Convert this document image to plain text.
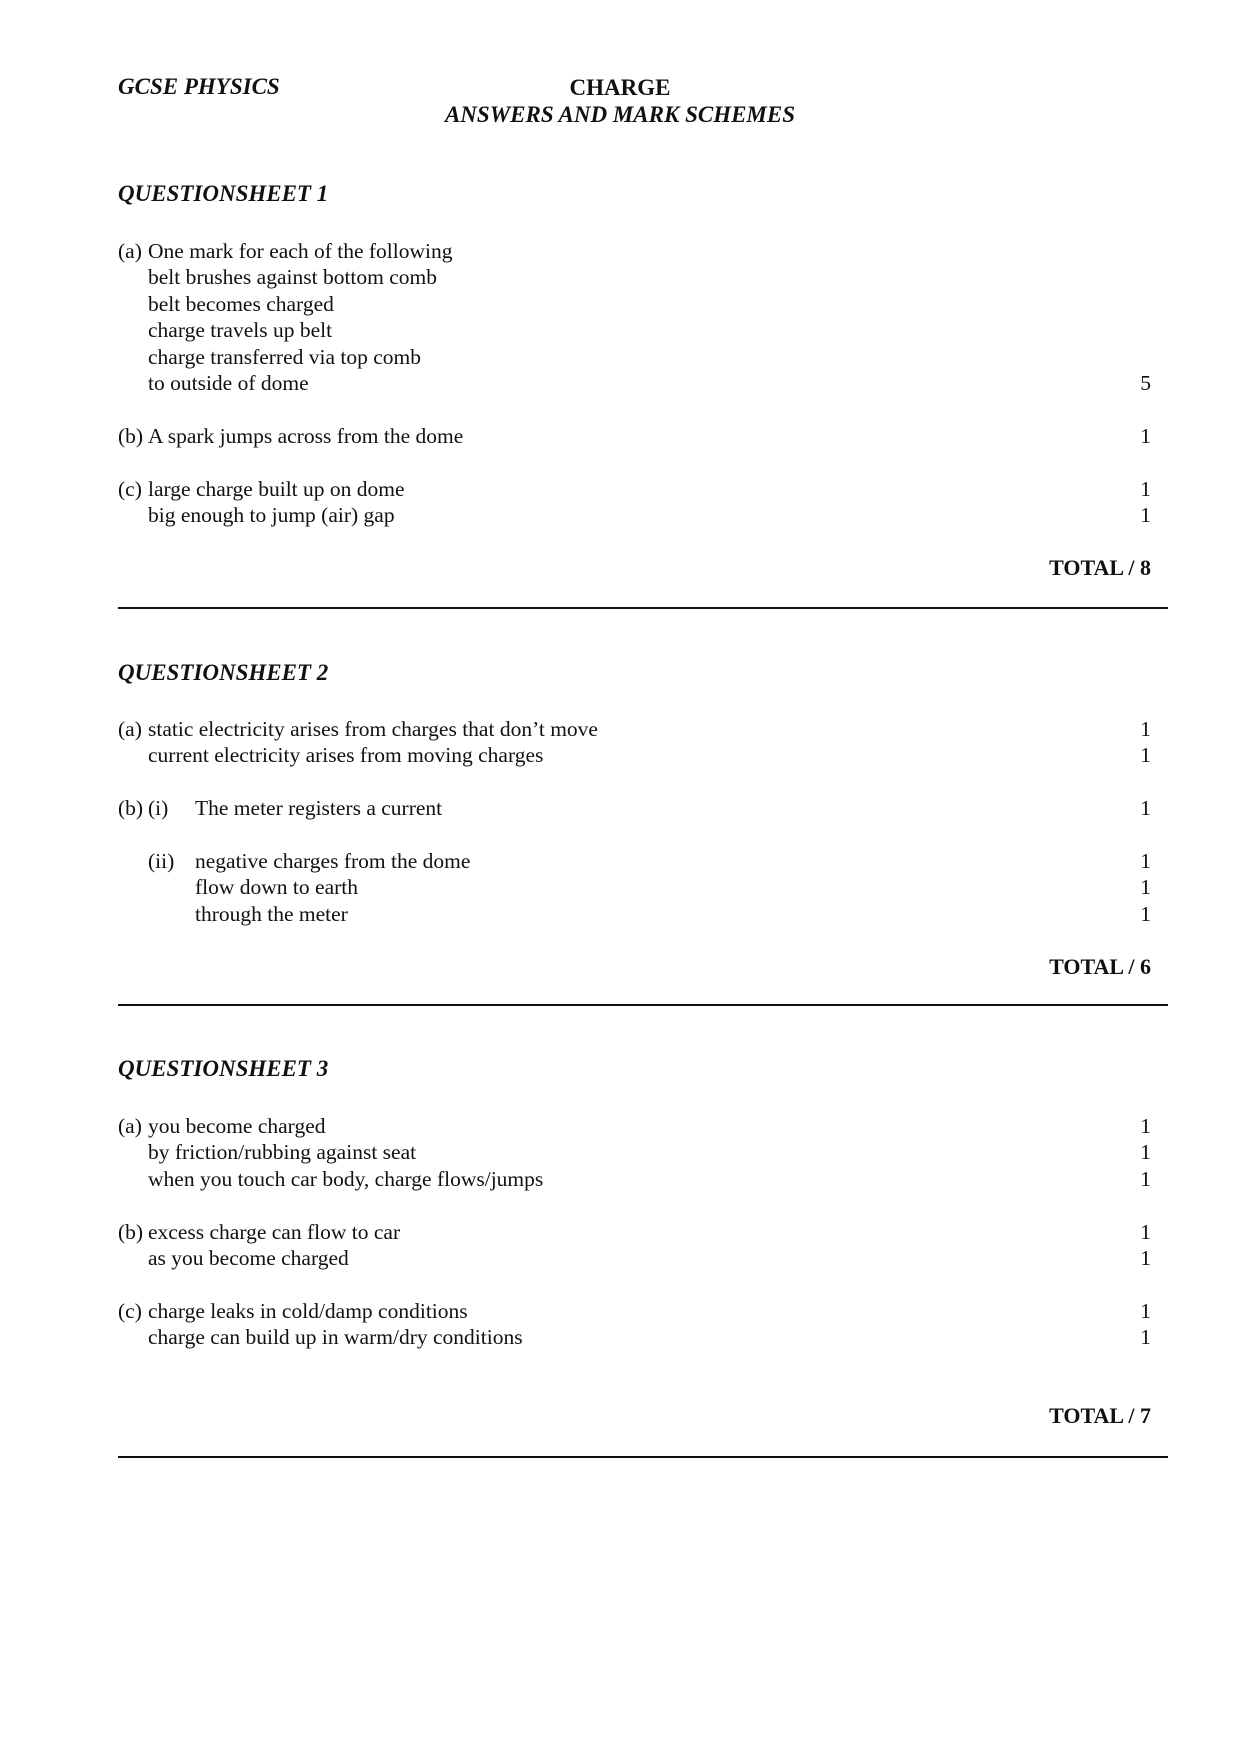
GCSE PHYSICS	CHARGE
ANSWERS AND MARK SCHEMES
QUESTIONSHEET 1
(a) One mark for each of the following
belt brushes against bottom comb
belt becomes charged
charge travels up belt
charge transferred via top comb
to outside of dome	5
(b) A spark jumps across from the dome	1
(c) large charge built up on dome	1
big enough to jump (air) gap	1
TOTAL / 8
QUESTIONSHEET 2
(a) static electricity arises from charges that don’t move	1
current electricity arises from moving charges	1
(b) (i) The meter registers a current	1
(ii) negative charges from the dome	1
flow down to earth	1
through the meter	1
TOTAL / 6
QUESTIONSHEET 3
(a) you become charged	1
by friction/rubbing against seat	1
when you touch car body, charge flows/jumps	1
(b) excess charge can flow to car	1
as you become charged	1
(c) charge leaks in cold/damp conditions	1
charge can build up in warm/dry conditions	1
TOTAL / 7
